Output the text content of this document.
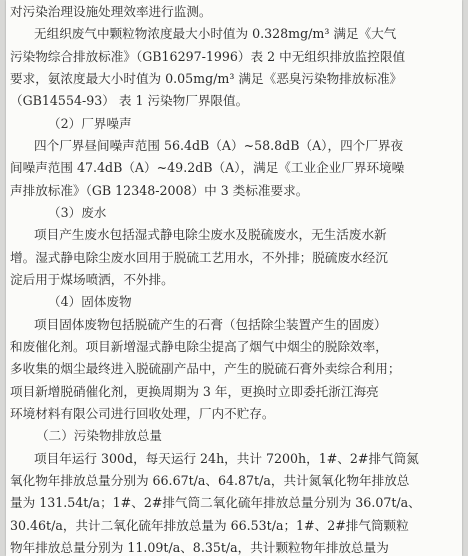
对污染治理设施处理效率进行监测。
无组织废气中颗粒物浓度最大小时值为 0.328mg/m³ 满足《大气
污染物综合排放标准》（GB16297-1996）表 2 中无组织排放监控限值
要求，氨浓度最大小时值为 0.05mg/m³ 满足《恶臭污染物排放标准》
（GB14554-93） 表 1 污染物厂界限值。
（2）厂界噪声
四个厂界昼间噪声范围 56.4dB（A）~58.8dB（A），四个厂界夜
间噪声范围 47.4dB（A）~49.2dB（A），满足《工业企业厂界环境噪
声排放标准》（GB 12348-2008）中 3 类标准要求。
（3）废水
项目产生废水包括湿式静电除尘废水及脱硫废水，无生活废水新
增。湿式静电除尘废水回用于脱硫工艺用水，不外排；脱硫废水经沉
淀后用于煤场喷洒，不外排。
（4）固体废物
项目固体废物包括脱硫产生的石膏（包括除尘装置产生的固废）
和废催化剂。项目新增湿式静电除尘提高了烟气中烟尘的脱除效率，
多收集的烟尘最终进入脱硫副产品中，产生的脱硫石膏外卖综合利用；
项目新增脱硝催化剂，更换周期为 3 年，更换时立即委托浙江海亮
环境材料有限公司进行回收处理，厂内不贮存。
（二）污染物排放总量
项目年运行 300d，每天运行 24h，共计 7200h，1#、2#排气筒氮
氧化物年排放总量分别为 66.67t/a、64.87t/a，共计氮氧化物年排放总
量为 131.54t/a；1#、2#排气筒二氧化硫年排放总量分别为 36.07t/a、
30.46t/a，共计二氧化硫年排放总量为 66.53t/a；1#、2#排气筒颗粒
物年排放总量分别为 11.09t/a、8.35t/a，共计颗粒物年排放总量为
